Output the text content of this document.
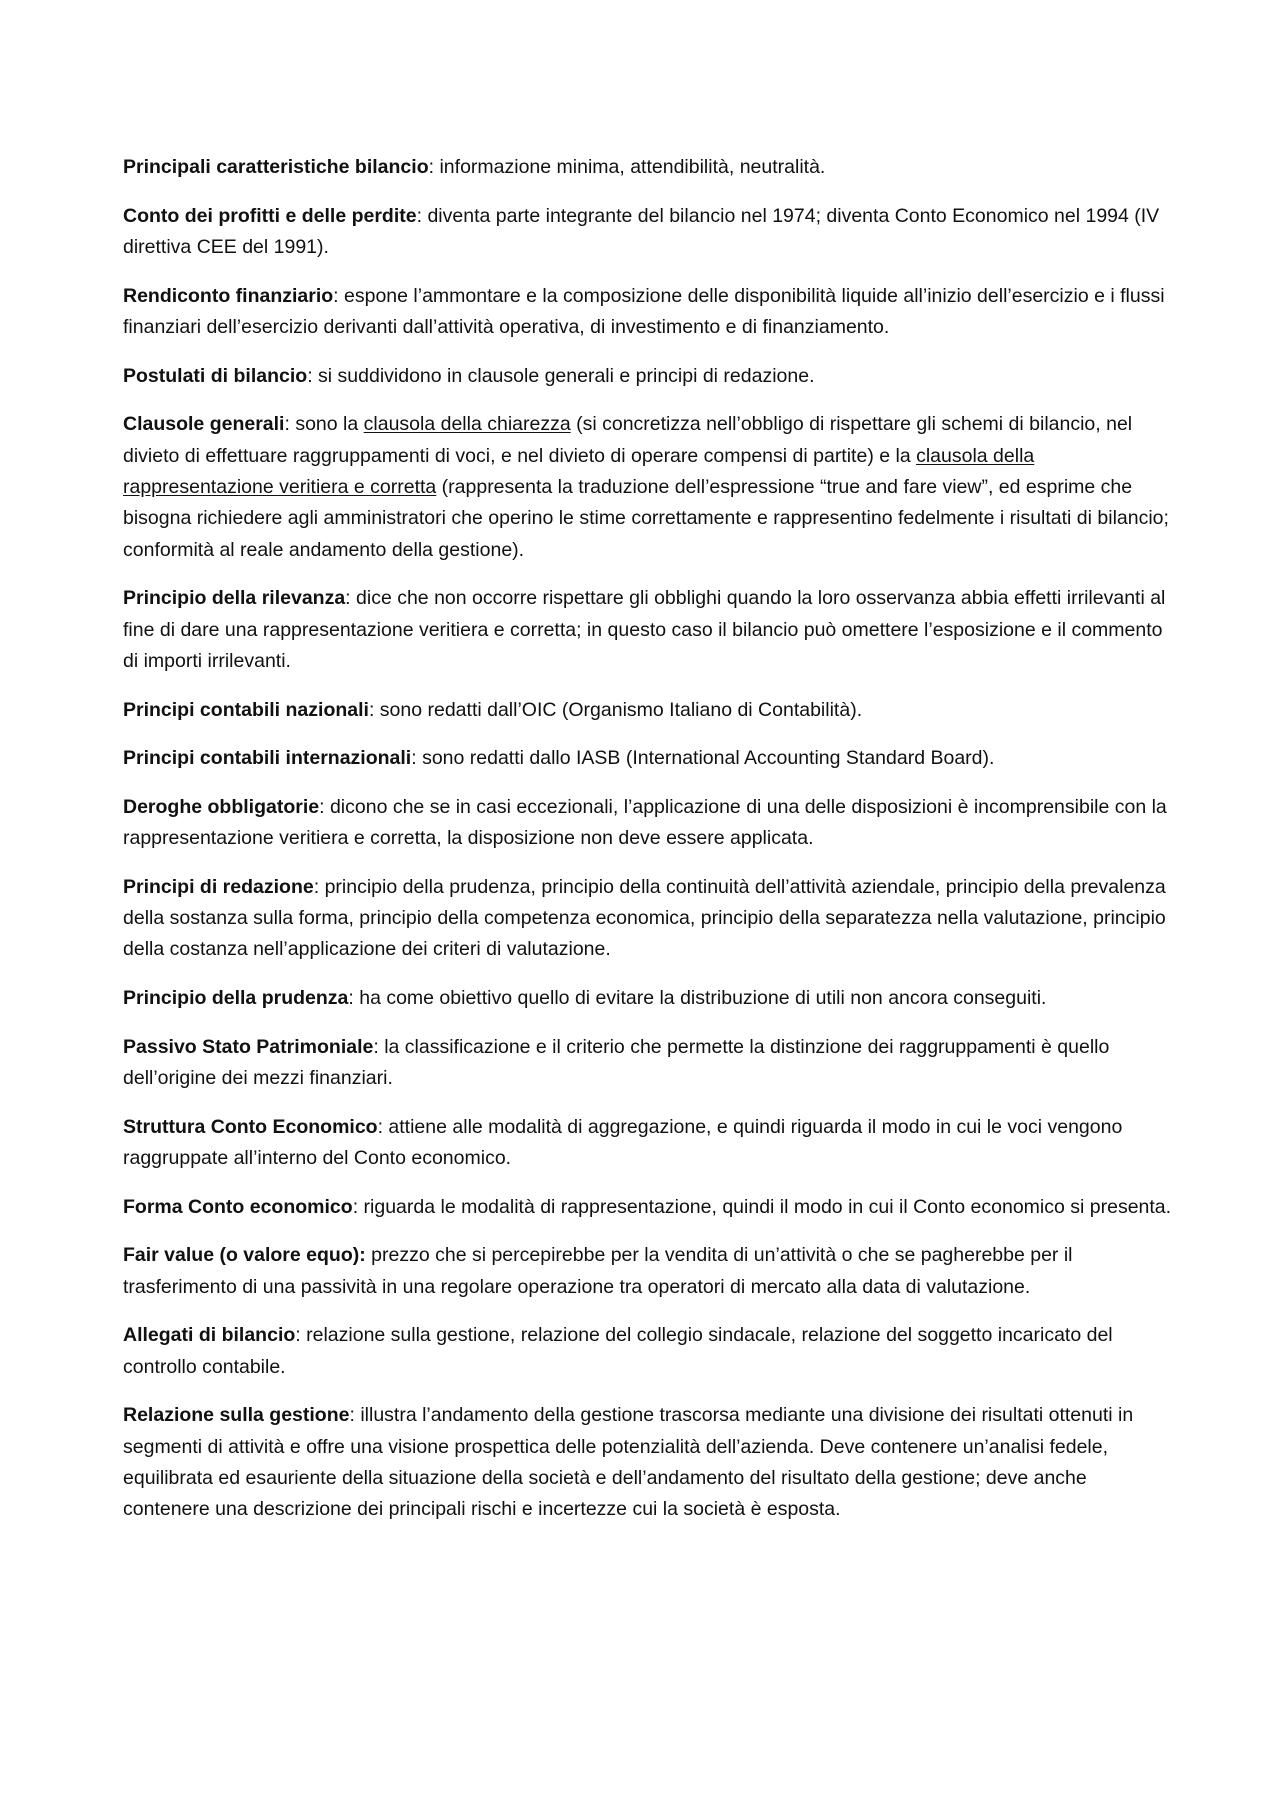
Principali caratteristiche bilancio: informazione minima, attendibilità, neutralità.

Conto dei profitti e delle perdite: diventa parte integrante del bilancio nel 1974; diventa Conto Economico nel 1994 (IV direttiva CEE del 1991).

Rendiconto finanziario: espone l’ammontare e la composizione delle disponibilità liquide all’inizio dell’esercizio e i flussi finanziari dell’esercizio derivanti dall’attività operativa, di investimento e di finanziamento.

Postulati di bilancio: si suddividono in clausole generali e principi di redazione.

Clausole generali: sono la clausola della chiarezza (si concretizza nell’obbligo di rispettare gli schemi di bilancio, nel divieto di effettuare raggruppamenti di voci, e nel divieto di operare compensi di partite) e la clausola della rappresentazione veritiera e corretta (rappresenta la traduzione dell’espressione “true and fare view”, ed esprime che bisogna richiedere agli amministratori che operino le stime correttamente e rappresentino fedelmente i risultati di bilancio; conformità al reale andamento della gestione).

Principio della rilevanza: dice che non occorre rispettare gli obblighi quando la loro osservanza abbia effetti irrilevanti al fine di dare una rappresentazione veritiera e corretta; in questo caso il bilancio può omettere l’esposizione e il commento di importi irrilevanti.

Principi contabili nazionali: sono redatti dall’OIC (Organismo Italiano di Contabilità).

Principi contabili internazionali: sono redatti dallo IASB (International Accounting Standard Board).

Deroghe obbligatorie: dicono che se in casi eccezionali, l’applicazione di una delle disposizioni è incomprensibile con la rappresentazione veritiera e corretta, la disposizione non deve essere applicata.

Principi di redazione: principio della prudenza, principio della continuità dell’attività aziendale, principio della prevalenza della sostanza sulla forma, principio della competenza economica, principio della separatezza nella valutazione, principio della costanza nell’applicazione dei criteri di valutazione.

Principio della prudenza: ha come obiettivo quello di evitare la distribuzione di utili non ancora conseguiti.

Passivo Stato Patrimoniale: la classificazione e il criterio che permette la distinzione dei raggruppamenti è quello dell’origine dei mezzi finanziari.

Struttura Conto Economico: attiene alle modalità di aggregazione, e quindi riguarda il modo in cui le voci vengono raggruppate all’interno del Conto economico.

Forma Conto economico: riguarda le modalità di rappresentazione, quindi il modo in cui il Conto economico si presenta.

Fair value (o valore equo): prezzo che si percepirebbe per la vendita di un’attività o che se pagherebbe per il trasferimento di una passività in una regolare operazione tra operatori di mercato alla data di valutazione.

Allegati di bilancio: relazione sulla gestione, relazione del collegio sindacale, relazione del soggetto incaricato del controllo contabile.

Relazione sulla gestione: illustra l’andamento della gestione trascorsa mediante una divisione dei risultati ottenuti in segmenti di attività e offre una visione prospettica delle potenzialità dell’azienda. Deve contenere un’analisi fedele, equilibrata ed esauriente della situazione della società e dell’andamento del risultato della gestione; deve anche contenere una descrizione dei principali rischi e incertezze cui la società è esposta.
